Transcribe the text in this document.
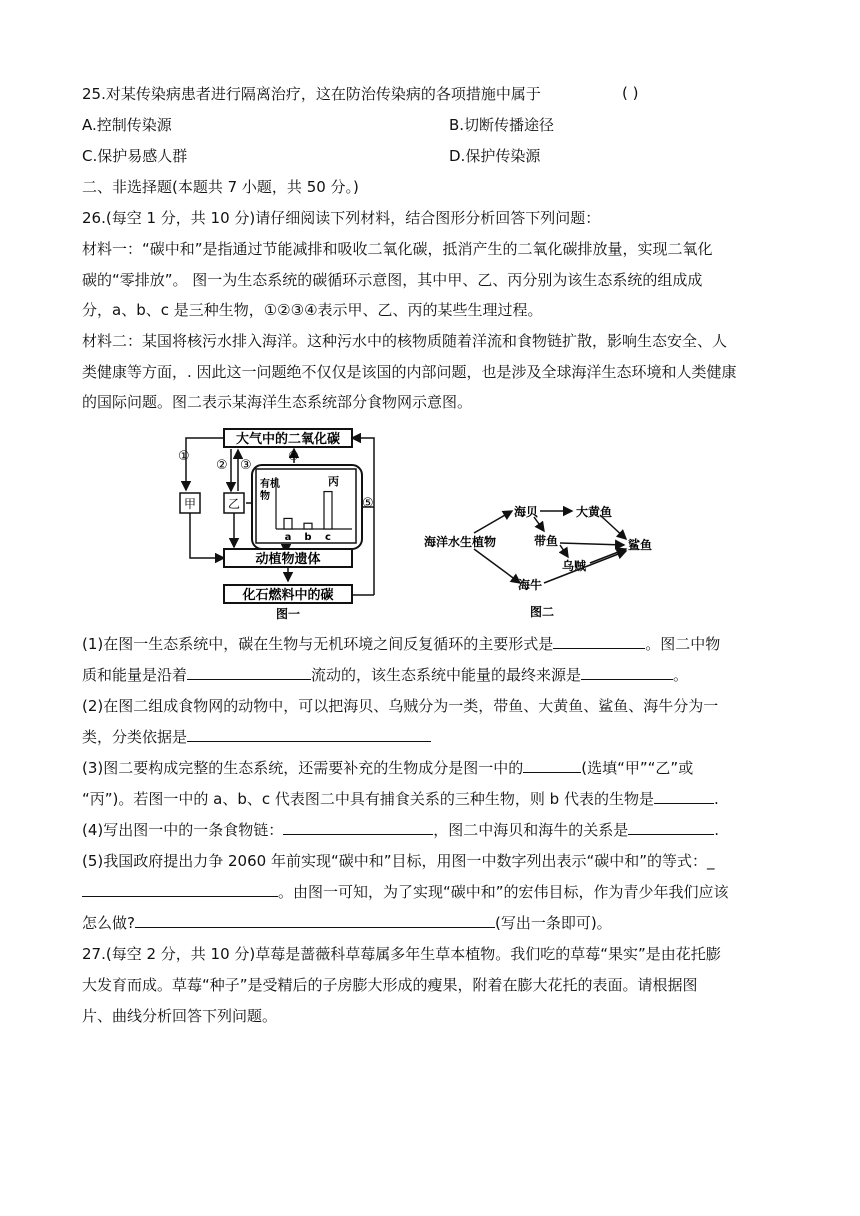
25.对某传染病患者进行隔离治疗，这在防治传染病的各项措施中属于	( )
A.控制传染源	B.切断传播途径
C.保护易感人群	D.保护传染源
二、非选择题(本题共 7 小题，共 50 分。)
26.(每空 1 分，共 10 分)请仔细阅读下列材料，结合图形分析回答下列问题：
材料一：“碳中和”是指通过节能减排和吸收二氧化碳，抵消产生的二氧化碳排放量，实现二氧化
碳的“零排放”。 图一为生态系统的碳循环示意图，其中甲、乙、丙分别为该生态系统的组成成
分，a、b、c 是三种生物，①②③④表示甲、乙、丙的某些生理过程。
材料二：某国将核污水排入海洋。这种污水中的核物质随着洋流和食物链扩散，影响生态安全、人
类健康等方面，. 因此这一问题绝不仅仅是该国的内部问题，也是涉及全球海洋生态环境和人类健康
的国际问题。图二表示某海洋生态系统部分食物网示意图。
大气中的二氧化碳
①
甲	乙
② ③
④
有机物
a b c
丙
⑤
动植物遗体
化石燃料中的碳
图一
海洋水生植物
海贝	大黄鱼
带鱼
乌贼
鲨鱼
海牛
图二
(1)在图一生态系统中，碳在生物与无机环境之间反复循环的主要形式是	。图二中物
质和能量是沿着	流动的，该生态系统中能量的最终来源是	。
(2)在图二组成食物网的动物中，可以把海贝、乌贼分为一类，带鱼、大黄鱼、鲨鱼、海牛分为一
类，分类依据是
(3)图二要构成完整的生态系统，还需要补充的生物成分是图一中的	(选填“甲”“乙”或
“丙”)。若图一中的 a、b、c 代表图二中具有捕食关系的三种生物，则 b 代表的生物是	.
(4)写出图一中的一条食物链：	，图二中海贝和海牛的关系是	.
(5)我国政府提出力争 2060 年前实现“碳中和”目标，用图一中数字列出表示“碳中和”的等式：_
。由图一可知，为了实现“碳中和”的宏伟目标，作为青少年我们应该
怎么做?	(写出一条即可)。
27.(每空 2 分，共 10 分)草莓是蔷薇科草莓属多年生草本植物。我们吃的草莓“果实”是由花托膨
大发育而成。草莓“种子”是受精后的子房膨大形成的瘦果，附着在膨大花托的表面。请根据图
片、曲线分析回答下列问题。
